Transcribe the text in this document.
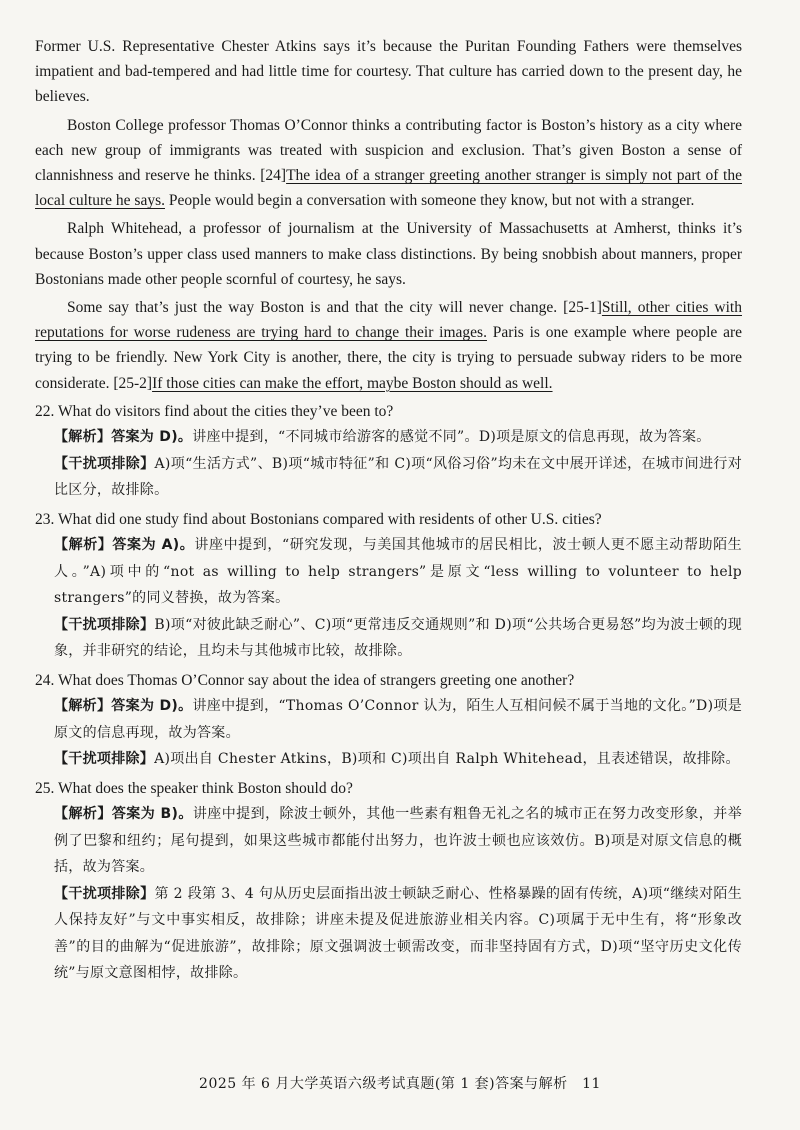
Former U.S. Representative Chester Atkins says it’s because the Puritan Founding Fathers were themselves impatient and bad-tempered and had little time for courtesy. That culture has carried down to the present day, he believes.

Boston College professor Thomas O’Connor thinks a contributing factor is Boston’s history as a city where each new group of immigrants was treated with suspicion and exclusion. That’s given Boston a sense of clannishness and reserve he thinks. [24]The idea of a stranger greeting another stranger is simply not part of the local culture he says. People would begin a conversation with someone they know, but not with a stranger.

Ralph Whitehead, a professor of journalism at the University of Massachusetts at Amherst, thinks it’s because Boston’s upper class used manners to make class distinctions. By being snobbish about manners, proper Bostonians made other people scornful of courtesy, he says.

Some say that’s just the way Boston is and that the city will never change. [25-1]Still, other cities with reputations for worse rudeness are trying hard to change their images. Paris is one example where people are trying to be friendly. New York City is another, there, the city is trying to persuade subway riders to be more considerate. [25-2]If those cities can make the effort, maybe Boston should as well.

22. What do visitors find about the cities they’ve been to?

【解析】答案为 D)。讲座中提到，“不同城市给游客的感觉不同”。D)项是原文的信息再现，故为答案。

【干扰项排除】A)项“生活方式”、B)项“城市特征”和 C)项“风俗习俗”均未在文中展开详述，在城市间进行对比区分，故排除。

23. What did one study find about Bostonians compared with residents of other U.S. cities?

【解析】答案为 A)。讲座中提到，“研究发现，与美国其他城市的居民相比，波士顿人更不愿主动帮助陌生人。”A)项中的“not as willing to help strangers”是原文“less willing to volunteer to help strangers”的同义替换，故为答案。

【干扰项排除】B)项“对彼此缺乏耐心”、C)项“更常违反交通规则”和 D)项“公共场合更易怒”均为波士顿的现象，并非研究的结论，且均未与其他城市比较，故排除。

24. What does Thomas O’Connor say about the idea of strangers greeting one another?

【解析】答案为 D)。讲座中提到，“Thomas O’Connor 认为，陌生人互相问候不属于当地的文化。”D)项是原文的信息再现，故为答案。

【干扰项排除】A)项出自 Chester Atkins，B)项和 C)项出自 Ralph Whitehead，且表述错误，故排除。

25. What does the speaker think Boston should do?

【解析】答案为 B)。讲座中提到，除波士顿外，其他一些素有粗鲁无礼之名的城市正在努力改变形象，并举例了巴黎和纽约；尾句提到，如果这些城市都能付出努力，也许波士顿也应该效仿。B)项是对原文信息的概括，故为答案。

【干扰项排除】第 2 段第 3、4 句从历史层面指出波士顿缺乏耐心、性格暴躁的固有传统，A)项“继续对陌生人保持友好”与文中事实相反，故排除；讲座未提及促进旅游业相关内容。C)项属于无中生有，将“形象改善”的目的曲解为“促进旅游”，故排除；原文强调波士顿需改变，而非坚持固有方式，D)项“坚守历史文化传统”与原文意图相悖，故排除。

2025 年 6 月大学英语六级考试真题(第 1 套)答案与解析　11
